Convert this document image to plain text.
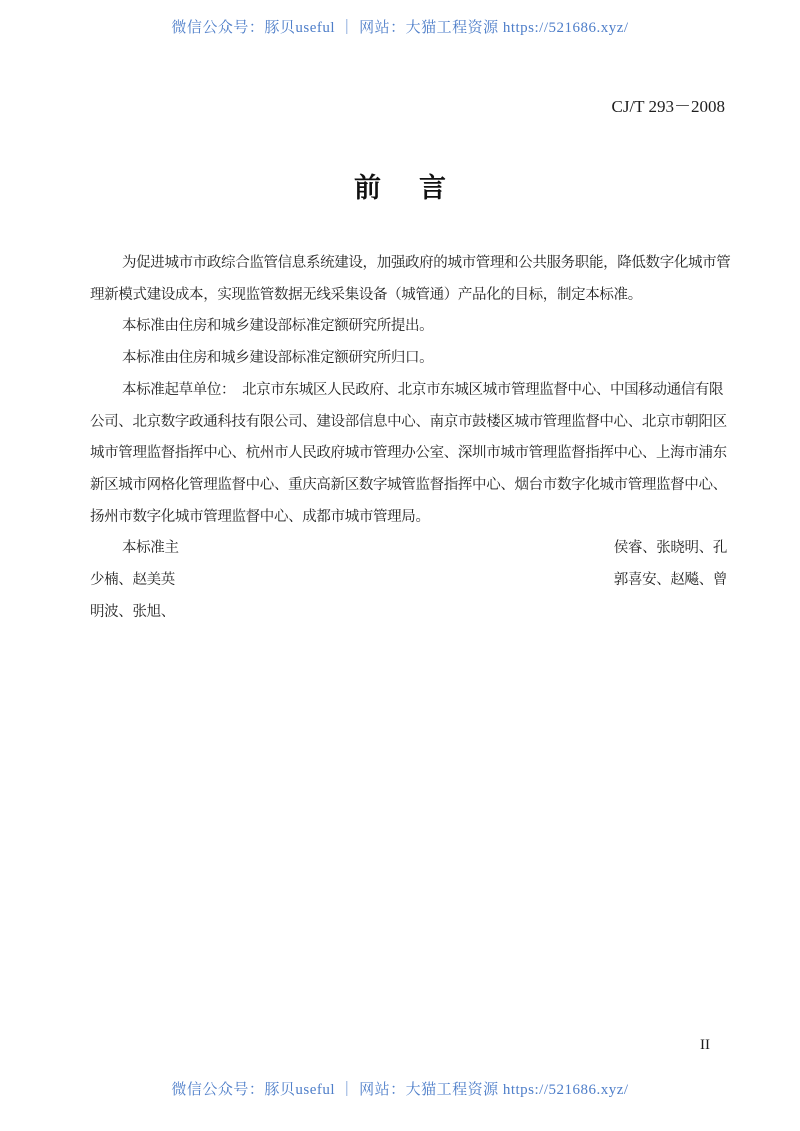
微信公众号：豚贝useful ｜ 网站：大猫工程资源 https://521686.xyz/
CJ/T 293－2008
前 言

为促进城市市政综合监管信息系统建设，加强政府的城市管理和公共服务职能，降低数字化城市管

理新模式建设成本，实现监管数据无线采集设备（城管通）产品化的目标，制定本标准。

本标准由住房和城乡建设部标准定额研究所提出。

本标准由住房和城乡建设部标准定额研究所归口。

本标准起草单位：　北京市东城区人民政府、北京市东城区城市管理监督中心、中国移动通信有限

公司、北京数字政通科技有限公司、建设部信息中心、南京市鼓楼区城市管理监督中心、北京市朝阳区

城市管理监督指挥中心、杭州市人民政府城市管理办公室、深圳市城市管理监督指挥中心、上海市浦东

新区城市网格化管理监督中心、重庆高新区数字城管监督指挥中心、烟台市数字化城市管理监督中心、

扬州市数字化城市管理监督中心、成都市城市管理局。

本标准主	侯睿、张晓明、孔
少楠、赵美英	郭喜安、赵飚、曾
明波、张旭、
II
微信公众号：豚贝useful ｜ 网站：大猫工程资源 https://521686.xyz/
